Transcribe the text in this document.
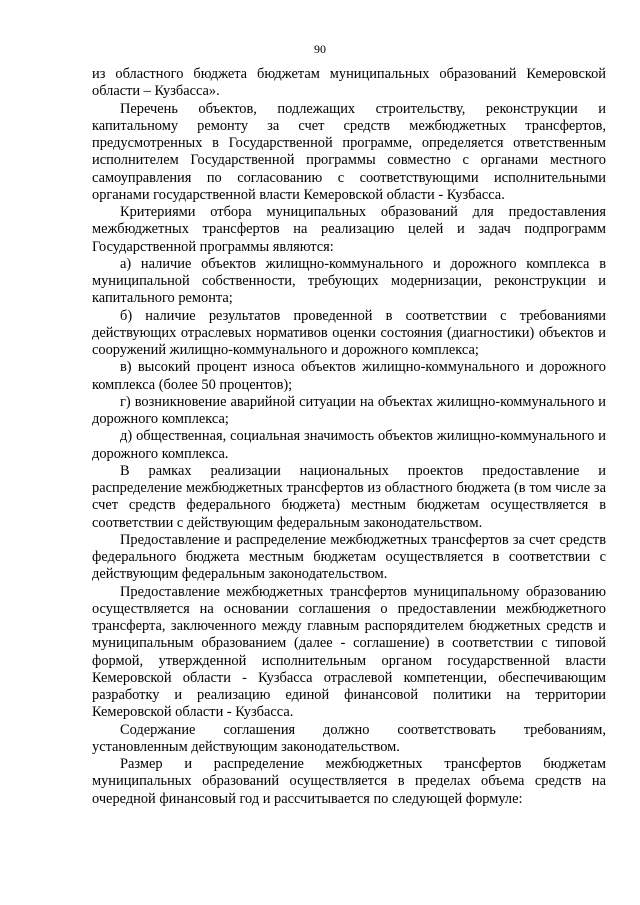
90

из областного бюджета бюджетам муниципальных образований Кемеровской области – Кузбасса».

Перечень объектов, подлежащих строительству, реконструкции и капитальному ремонту за счет средств межбюджетных трансфертов, предусмотренных в Государственной программе, определяется ответственным исполнителем Государственной программы совместно с органами местного самоуправления по согласованию с соответствующими исполнительными органами государственной власти Кемеровской области - Кузбасса.

Критериями отбора муниципальных образований для предоставления межбюджетных трансфертов на реализацию целей и задач подпрограмм Государственной программы являются:

а) наличие объектов жилищно-коммунального и дорожного комплекса в муниципальной собственности, требующих модернизации, реконструкции и капитального ремонта;

б) наличие результатов проведенной в соответствии с требованиями действующих отраслевых нормативов оценки состояния (диагностики) объектов и сооружений жилищно-коммунального и дорожного комплекса;

в) высокий процент износа объектов жилищно-коммунального и дорожного комплекса (более 50 процентов);

г) возникновение аварийной ситуации на объектах жилищно-коммунального и дорожного комплекса;

д) общественная, социальная значимость объектов жилищно-коммунального и дорожного комплекса.

В рамках реализации национальных проектов предоставление и распределение межбюджетных трансфертов из областного бюджета (в том числе за счет средств федерального бюджета) местным бюджетам осуществляется в соответствии с действующим федеральным законодательством.

Предоставление и распределение межбюджетных трансфертов за счет средств федерального бюджета местным бюджетам осуществляется в соответствии с действующим федеральным законодательством.

Предоставление межбюджетных трансфертов муниципальному образованию осуществляется на основании соглашения о предоставлении межбюджетного трансферта, заключенного между главным распорядителем бюджетных средств и муниципальным образованием (далее - соглашение) в соответствии с типовой формой, утвержденной исполнительным органом государственной власти Кемеровской области - Кузбасса отраслевой компетенции, обеспечивающим разработку и реализацию единой финансовой политики на территории Кемеровской области - Кузбасса.

Содержание соглашения должно соответствовать требованиям, установленным действующим законодательством.

Размер и распределение межбюджетных трансфертов бюджетам муниципальных образований осуществляется в пределах объема средств на очередной финансовый год и рассчитывается по следующей формуле:
